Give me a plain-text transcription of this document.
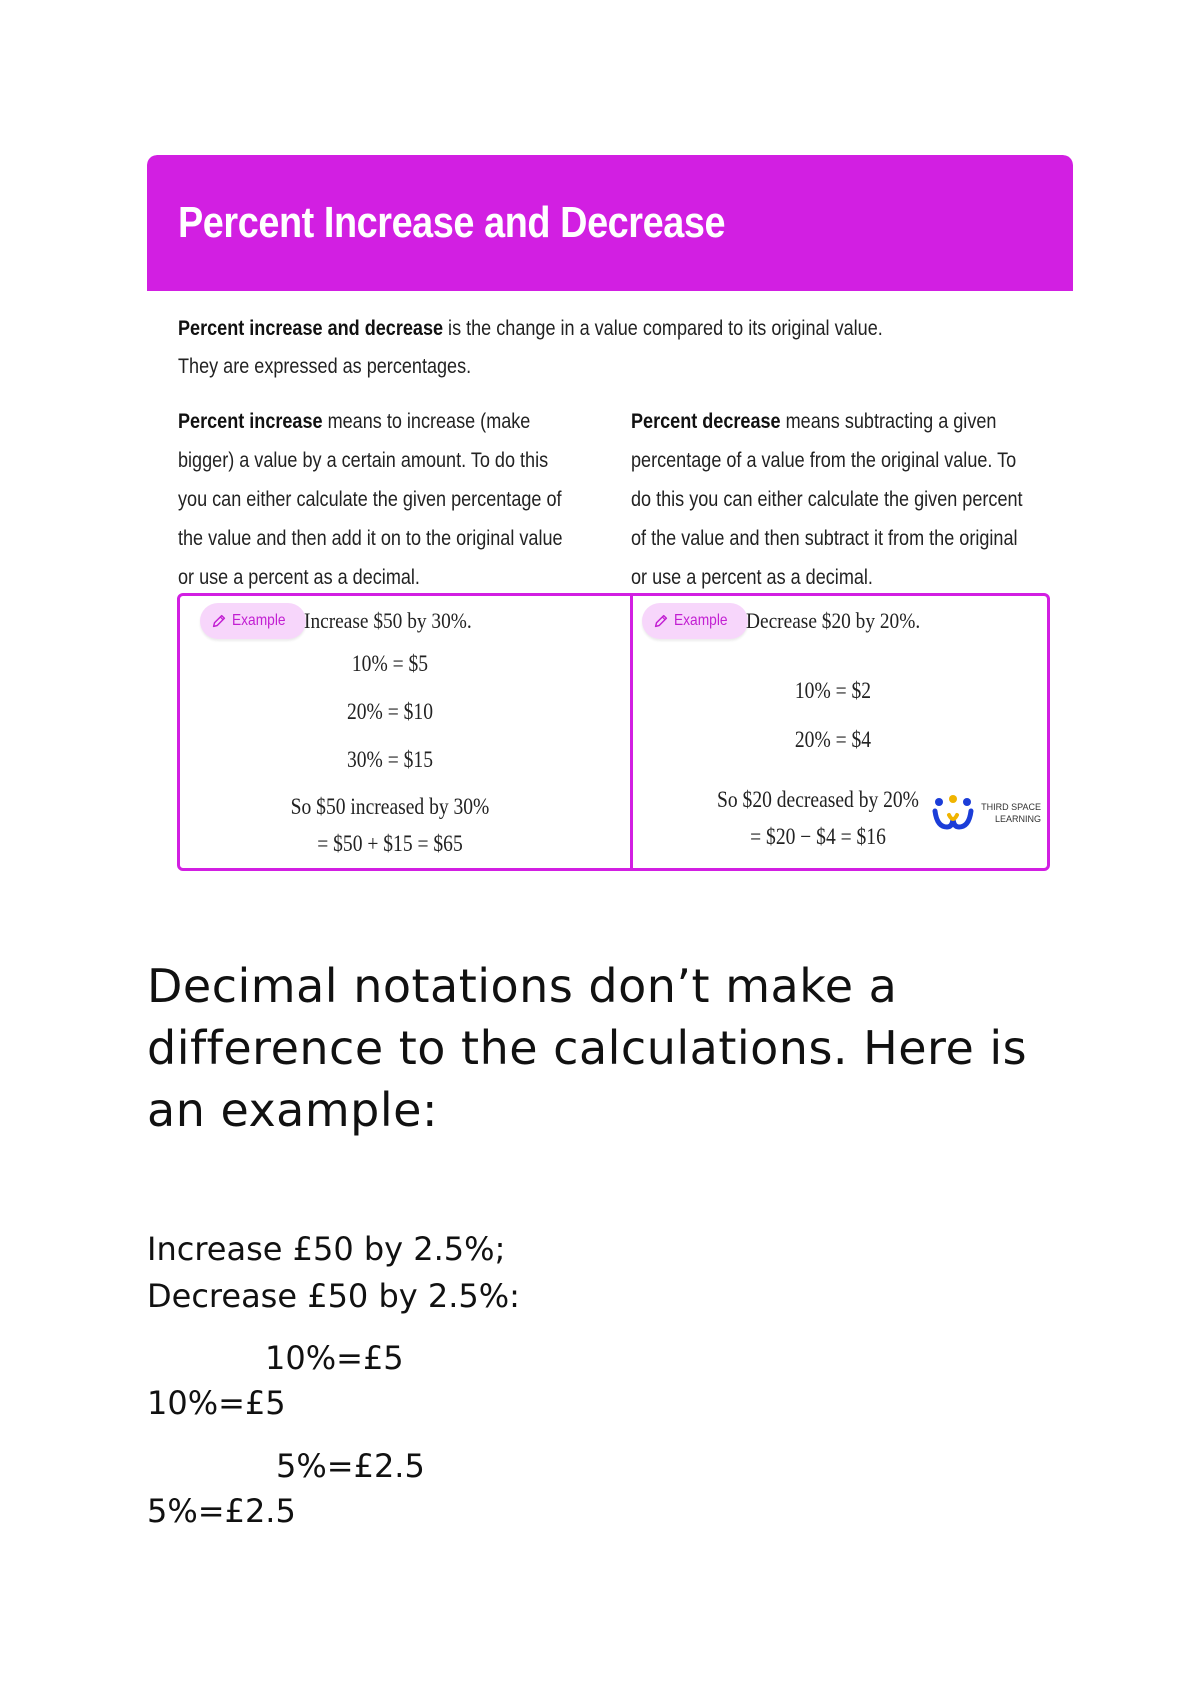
Percent Increase and Decrease
Percent increase and decrease is the change in a value compared to its original value.
They are expressed as percentages.
Percent increase means to increase (make
bigger) a value by a certain amount. To do this
you can either calculate the given percentage of
the value and then add it on to the original value
or use a percent as a decimal.
Percent decrease means subtracting a given
percentage of a value from the original value. To
do this you can either calculate the given percent
of the value and then subtract it from the original
or use a percent as a decimal.
Example Increase $50 by 30%.
10% = $5
20% = $10
30% = $15
So $50 increased by 30%
= $50 + $15 = $65
Example Decrease $20 by 20%.
10% = $2
20% = $4
So $20 decreased by 20%
= $20 − $4 = $16
THIRD SPACE
LEARNING
Decimal notations don’t make a difference to the calculations. Here is an example:
Increase £50 by 2.5%;
Decrease £50 by 2.5%:
10%=£5
10%=£5
5%=£2.5
5%=£2.5
